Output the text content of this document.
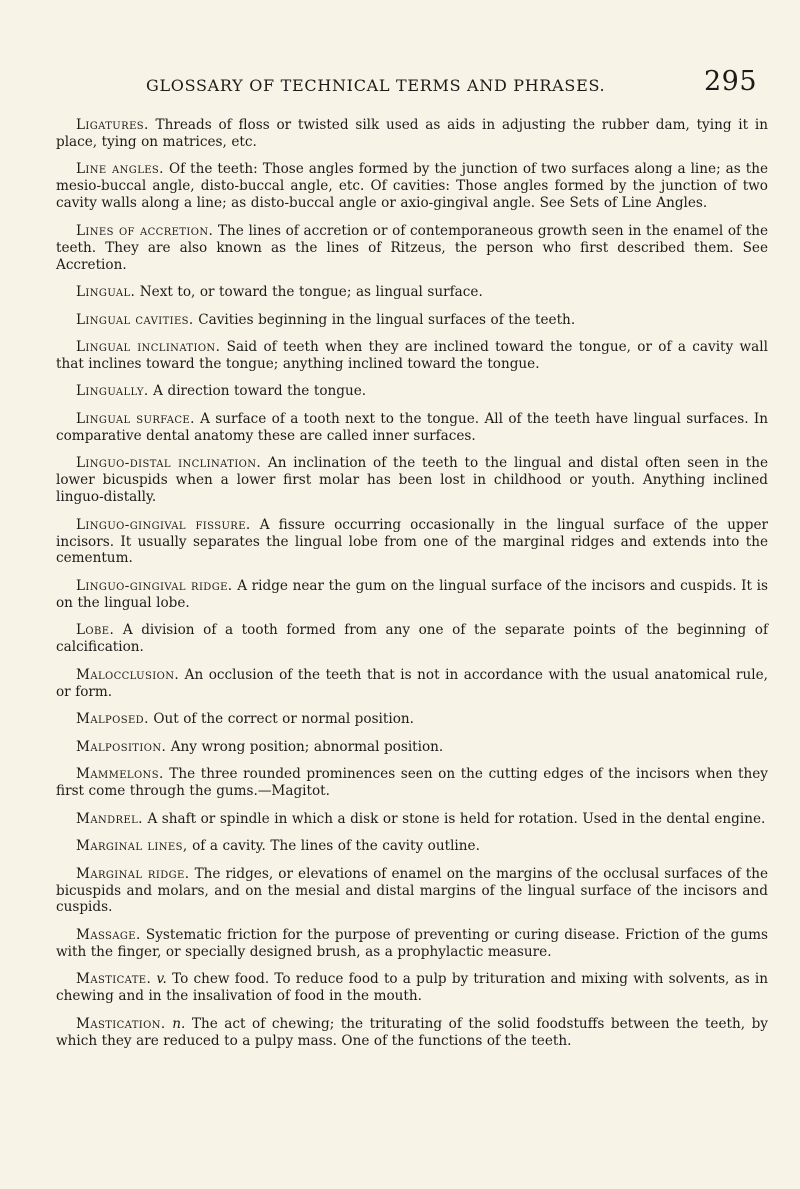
GLOSSARY OF TECHNICAL TERMS AND PHRASES.	295

Ligatures. Threads of floss or twisted silk used as aids in adjusting the rubber dam, tying it in place, tying on matrices, etc.

Line angles. Of the teeth: Those angles formed by the junction of two surfaces along a line; as the mesio-buccal angle, disto-buccal angle, etc. Of cavities: Those angles formed by the junction of two cavity walls along a line; as disto-buccal angle or axio-gingival angle. See Sets of Line Angles.

Lines of accretion. The lines of accretion or of contemporaneous growth seen in the enamel of the teeth. They are also known as the lines of Ritzeus, the person who first described them. See Accretion.

Lingual. Next to, or toward the tongue; as lingual surface.

Lingual cavities. Cavities beginning in the lingual surfaces of the teeth.

Lingual inclination. Said of teeth when they are inclined toward the tongue, or of a cavity wall that inclines toward the tongue; anything inclined toward the tongue.

Lingually. A direction toward the tongue.

Lingual surface. A surface of a tooth next to the tongue. All of the teeth have lingual surfaces. In comparative dental anatomy these are called inner surfaces.

Linguo-distal inclination. An inclination of the teeth to the lingual and distal often seen in the lower bicuspids when a lower first molar has been lost in childhood or youth. Anything inclined linguo-distally.

Linguo-gingival fissure. A fissure occurring occasionally in the lingual surface of the upper incisors. It usually separates the lingual lobe from one of the marginal ridges and extends into the cementum.

Linguo-gingival ridge. A ridge near the gum on the lingual surface of the incisors and cuspids. It is on the lingual lobe.

Lobe. A division of a tooth formed from any one of the separate points of the beginning of calcification.

Malocclusion. An occlusion of the teeth that is not in accordance with the usual anatomical rule, or form.

Malposed. Out of the correct or normal position.

Malposition. Any wrong position; abnormal position.

Mammelons. The three rounded prominences seen on the cutting edges of the incisors when they first come through the gums.—Magitot.

Mandrel. A shaft or spindle in which a disk or stone is held for rotation. Used in the dental engine.

Marginal lines, of a cavity. The lines of the cavity outline.

Marginal ridge. The ridges, or elevations of enamel on the margins of the occlusal surfaces of the bicuspids and molars, and on the mesial and distal margins of the lingual surface of the incisors and cuspids.

Massage. Systematic friction for the purpose of preventing or curing disease. Friction of the gums with the finger, or specially designed brush, as a prophylactic measure.

Masticate. v. To chew food. To reduce food to a pulp by trituration and mixing with solvents, as in chewing and in the insalivation of food in the mouth.

Mastication. n. The act of chewing; the triturating of the solid foodstuffs between the teeth, by which they are reduced to a pulpy mass. One of the functions of the teeth.
